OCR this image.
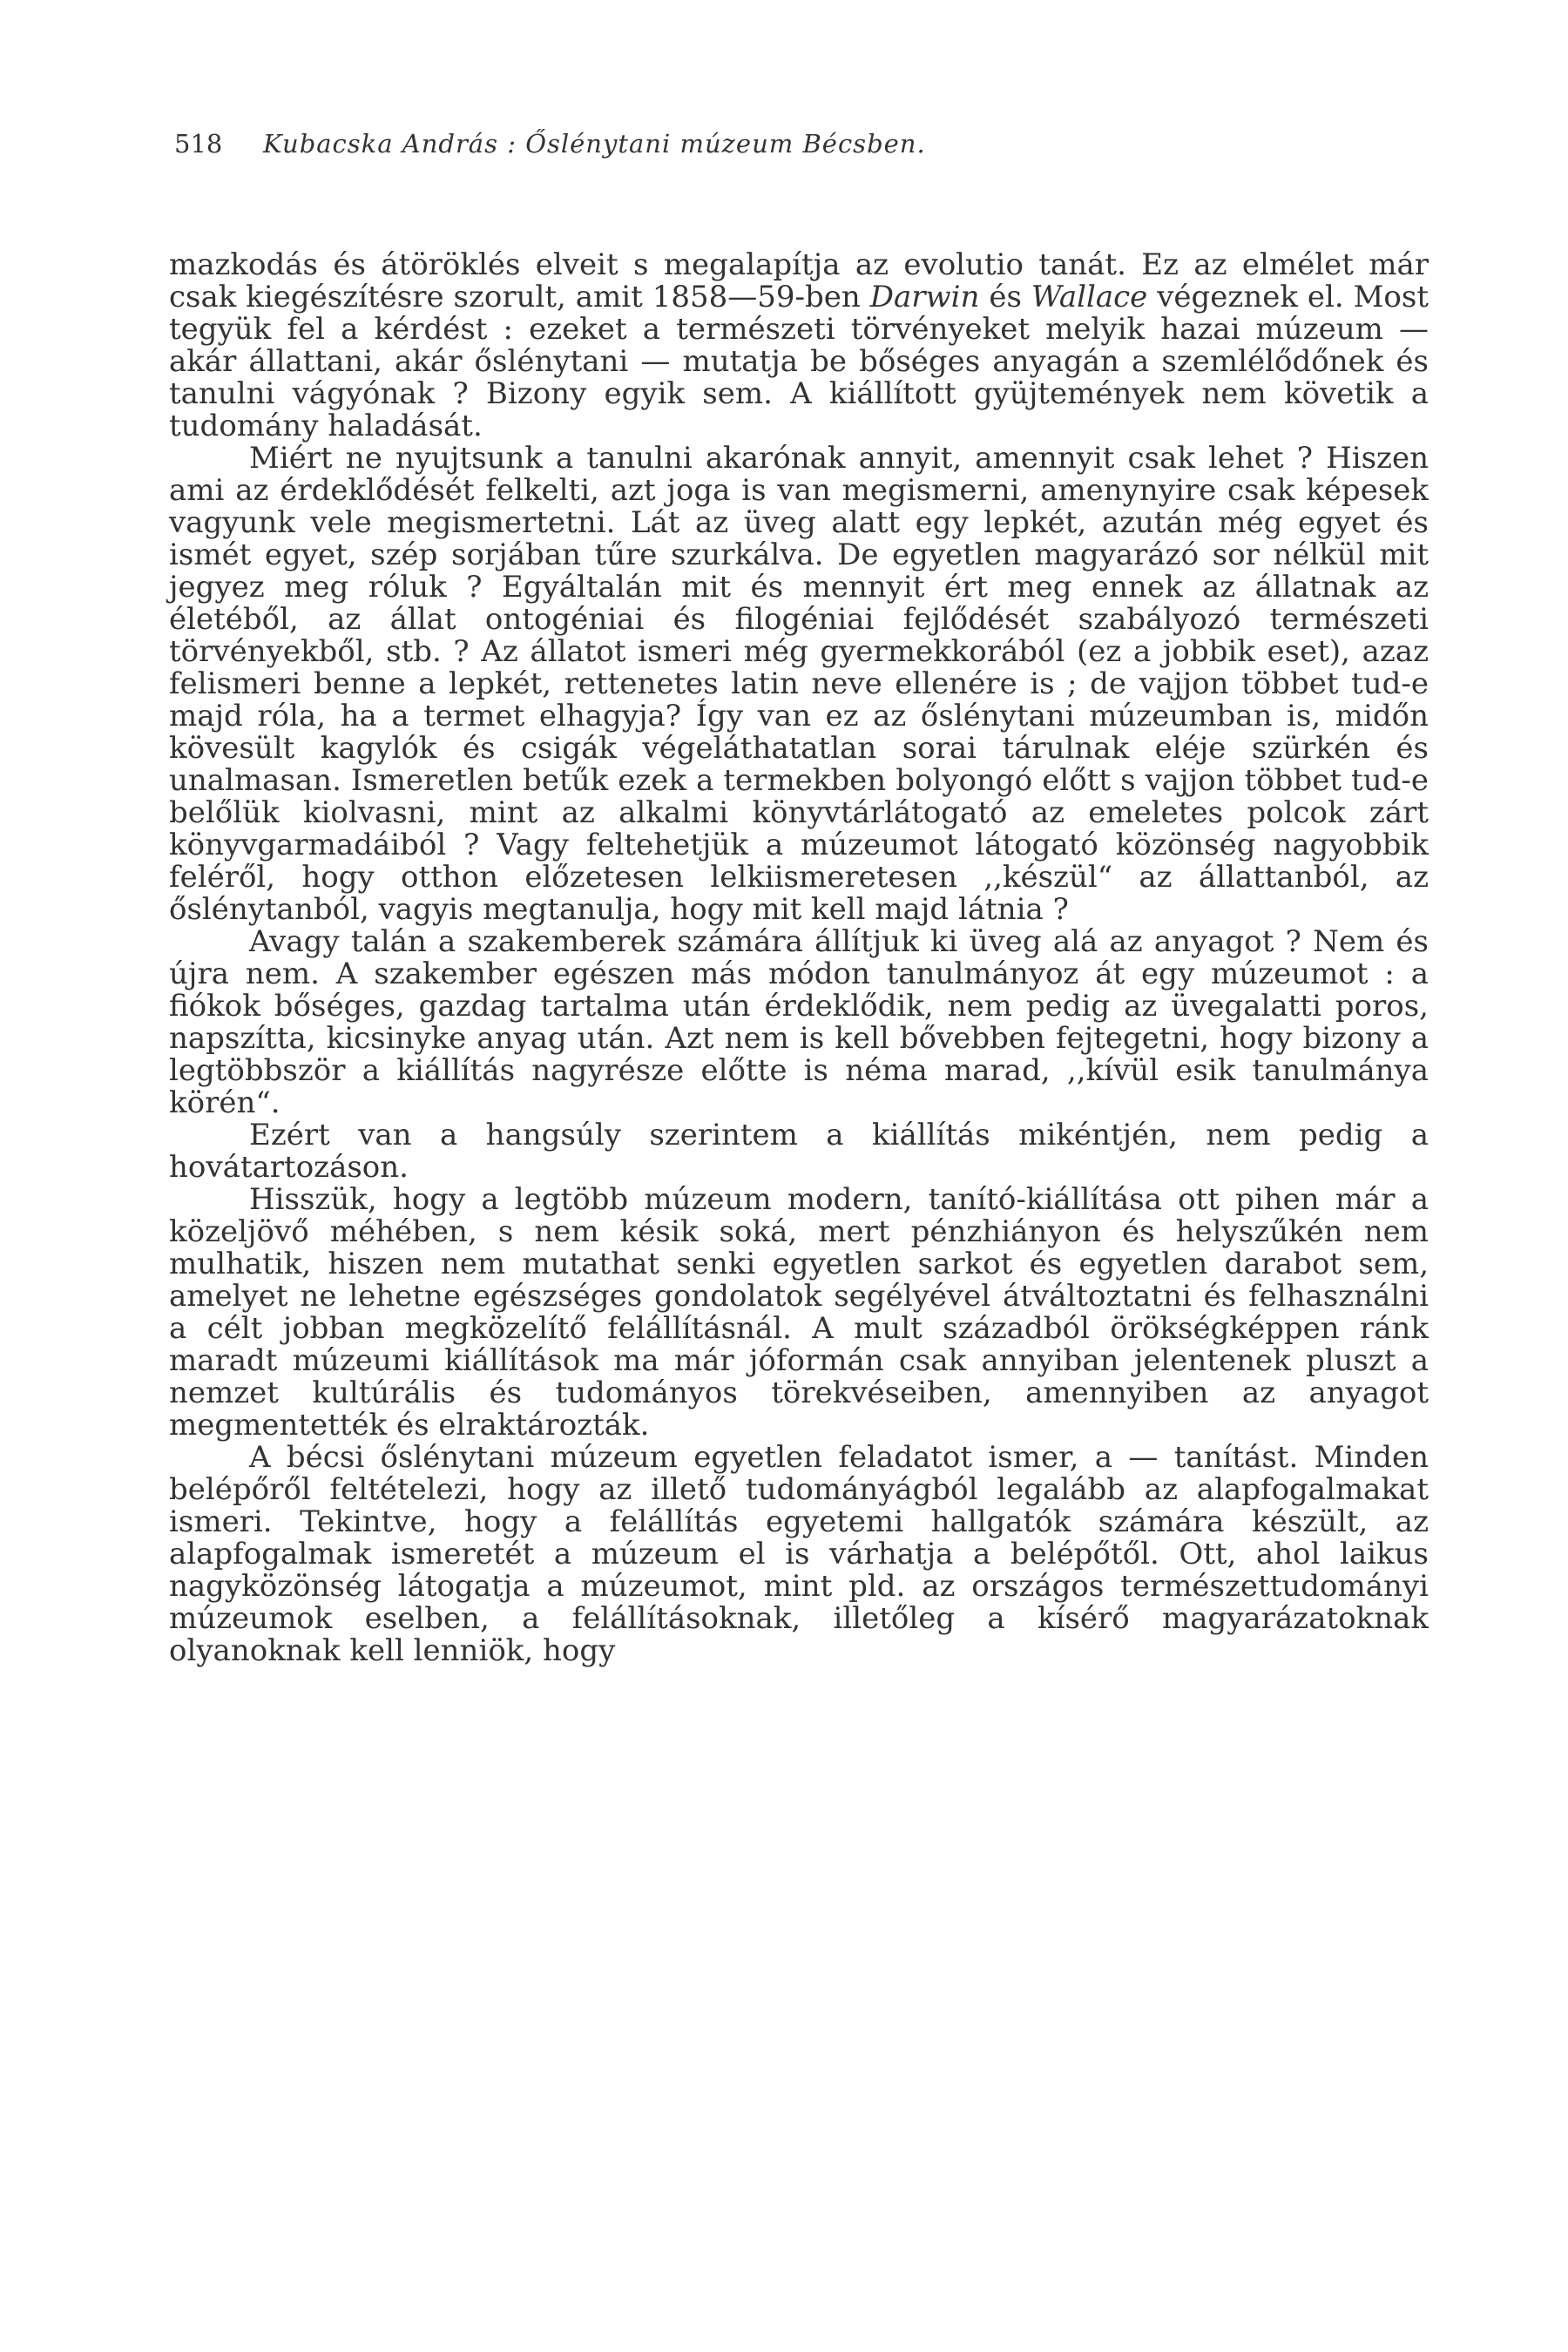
518 Kubacska András : Őslénytani múzeum Bécsben.

mazkodás és átöröklés elveit s megalapítja az evolutio tanát. Ez az elmélet már csak kiegészítésre szorult, amit 1858—59-ben Darwin és Wallace végeznek el. Most tegyük fel a kérdést : ezeket a természeti törvényeket melyik hazai múzeum — akár állattani, akár őslénytani — mutatja be bőséges anyagán a szemlélődőnek és tanulni vágyónak ? Bizony egyik sem. A kiállított gyüjtemények nem követik a tudomány haladását.

Miért ne nyujtsunk a tanulni akarónak annyit, amennyit csak lehet ? Hiszen ami az érdeklődését felkelti, azt joga is van megismerni, amenynyire csak képesek vagyunk vele megismertetni. Lát az üveg alatt egy lepkét, azután még egyet és ismét egyet, szép sorjában tűre szurkálva. De egyetlen magyarázó sor nélkül mit jegyez meg róluk ? Egyáltalán mit és mennyit ért meg ennek az állatnak az életéből, az állat ontogéniai és filogéniai fejlődését szabályozó természeti törvényekből, stb. ? Az állatot ismeri még gyermekkorából (ez a jobbik eset), azaz felismeri benne a lepkét, rettenetes latin neve ellenére is ; de vajjon többet tud-e majd róla, ha a termet elhagyja? Így van ez az őslénytani múzeumban is, midőn kövesült kagylók és csigák végeláthatatlan sorai tárulnak eléje szürkén és unalmasan. Ismeretlen betűk ezek a termekben bolyongó előtt s vajjon többet tud-e belőlük kiolvasni, mint az alkalmi könyvtárlátogató az emeletes polcok zárt könyvgarmadáiból ? Vagy feltehetjük a múzeumot látogató közönség nagyobbik feléről, hogy otthon előzetesen lelkiismeretesen ,,készül“ az állattanból, az őslénytanból, vagyis megtanulja, hogy mit kell majd látnia ?

Avagy talán a szakemberek számára állítjuk ki üveg alá az anyagot ? Nem és újra nem. A szakember egészen más módon tanulmányoz át egy múzeumot : a fiókok bőséges, gazdag tartalma után érdeklődik, nem pedig az üvegalatti poros, napszítta, kicsinyke anyag után. Azt nem is kell bővebben fejtegetni, hogy bizony a legtöbbször a kiállítás nagyrésze előtte is néma marad, ,,kívül esik tanulmánya körén“.

Ezért van a hangsúly szerintem a kiállítás mikéntjén, nem pedig a hovátartozáson.

Hisszük, hogy a legtöbb múzeum modern, tanító-kiállítása ott pihen már a közeljövő méhében, s nem késik soká, mert pénzhiányon és helyszűkén nem mulhatik, hiszen nem mutathat senki egyetlen sarkot és egyetlen darabot sem, amelyet ne lehetne egészséges gondolatok segélyével átváltoztatni és felhasználni a célt jobban megközelítő felállításnál. A mult századból örökségképpen ránk maradt múzeumi kiállítások ma már jóformán csak annyiban jelentenek pluszt a nemzet kultúrális és tudományos törekvéseiben, amennyiben az anyagot megmentették és elraktározták.

A bécsi őslénytani múzeum egyetlen feladatot ismer, a — tanítást. Minden belépőről feltételezi, hogy az illető tudományágból legalább az alapfogalmakat ismeri. Tekintve, hogy a felállítás egyetemi hallgatók számára készült, az alapfogalmak ismeretét a múzeum el is várhatja a belépőtől. Ott, ahol laikus nagyközönség látogatja a múzeumot, mint pld. az országos természettudományi múzeumok eselben, a felállításoknak, illetőleg a kísérő magyarázatoknak olyanoknak kell lenniök, hogy
